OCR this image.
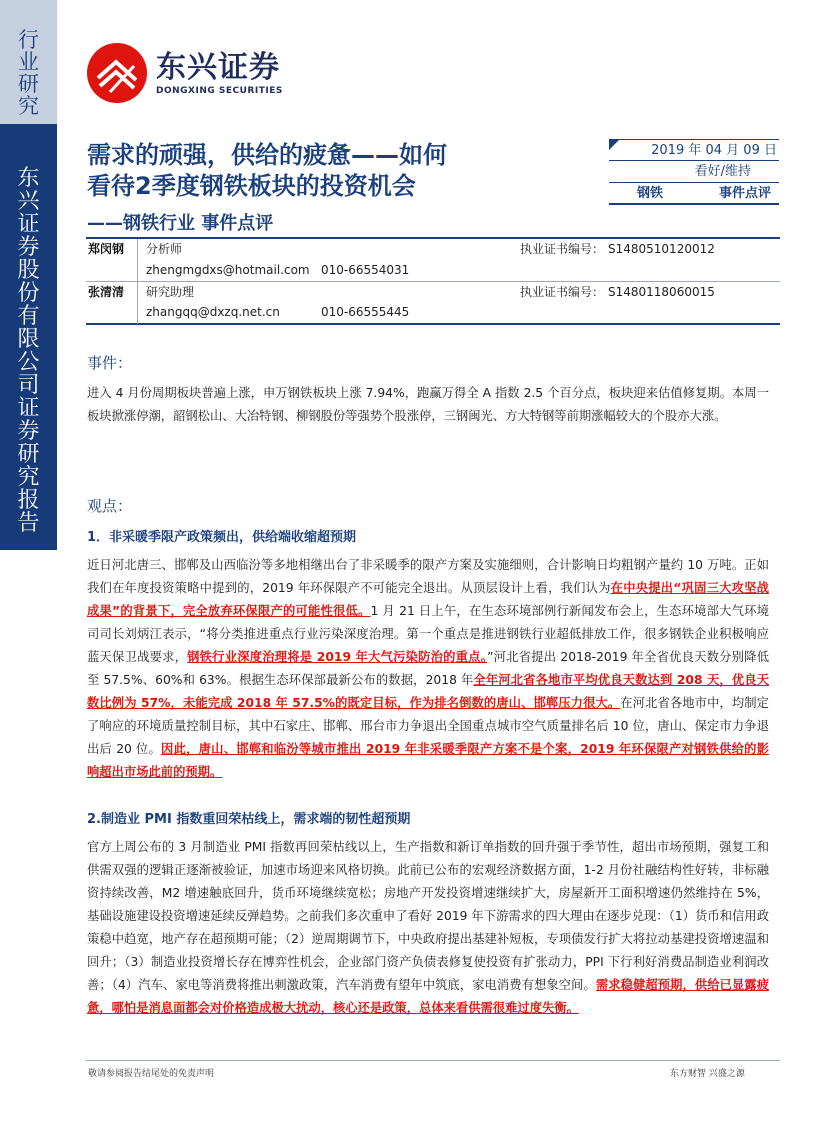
行
业
研
究
东
兴
证
券
股
份
有
限
公
司
证
券
研
究
报
告
东兴证券
DONGXING SECURITIES
需求的顽强，供给的疲惫——如何
看待2季度钢铁板块的投资机会
——钢铁行业 事件点评
2019 年 04 月 09 日
看好/维持
钢铁	事件点评
郑闵钢	分析师	执业证书编号： S1480510120012
zhengmgdxs@hotmail.com 010-66554031
张清清	研究助理	执业证书编号： S1480118060015
zhangqq@dxzq.net.cn	010-66555445
事件：
进入 4 月份周期板块普遍上涨，申万钢铁板块上涨 7.94%，跑赢万得全 A 指数 2.5 个百分点，板块迎来估值修复期。本周一板块掀涨停潮，韶钢松山、大冶特钢、柳钢股份等强势个股涨停，三钢闽光、方大特钢等前期涨幅较大的个股亦大涨。
观点：
1．非采暖季限产政策频出，供给端收缩超预期
近日河北唐三、邯郸及山西临汾等多地相继出台了非采暖季的限产方案及实施细则，合计影响日均粗钢产量约 10 万吨。正如我们在年度投资策略中提到的，2019 年环保限产不可能完全退出。从顶层设计上看，我们认为在中央提出“巩固三大攻坚战成果”的背景下，完全放弃环保限产的可能性很低。1 月 21 日上午，在生态环境部例行新闻发布会上，生态环境部大气环境司司长刘炳江表示，“将分类推进重点行业污染深度治理。第一个重点是推进钢铁行业超低排放工作，很多钢铁企业积极响应蓝天保卫战要求，钢铁行业深度治理将是 2019 年大气污染防治的重点。”河北省提出 2018-2019 年全省优良天数分别降低至 57.5%、60%和 63%。根据生态环保部最新公布的数据，2018 年全年河北省各地市平均优良天数达到 208 天，优良天数比例为 57%，未能完成 2018 年 57.5%的既定目标，作为排名倒数的唐山、邯郸压力很大。在河北省各地市中，均制定了响应的环境质量控制目标，其中石家庄、邯郸、邢台市力争退出全国重点城市空气质量排名后 10 位，唐山、保定市力争退出后 20 位。因此，唐山、邯郸和临汾等城市推出 2019 年非采暖季限产方案不是个案，2019 年环保限产对钢铁供给的影响超出市场此前的预期。
2.制造业 PMI 指数重回荣枯线上，需求端的韧性超预期
官方上周公布的 3 月制造业 PMI 指数再回荣枯线以上，生产指数和新订单指数的回升强于季节性，超出市场预期，强复工和供需双强的逻辑正逐渐被验证，加速市场迎来风格切换。此前已公布的宏观经济数据方面，1-2 月份社融结构性好转，非标融资持续改善，M2 增速触底回升，货币环境继续宽松；房地产开发投资增速继续扩大，房屋新开工面积增速仍然维持在 5%，基础设施建设投资增速延续反弹趋势。之前我们多次重申了看好 2019 年下游需求的四大理由在逐步兑现：（1）货币和信用政策稳中趋宽，地产存在超预期可能；（2）逆周期调节下，中央政府提出基建补短板，专项债发行扩大将拉动基建投资增速温和回升；（3）制造业投资增长存在博弈性机会，企业部门资产负债表修复使投资有扩张动力，PPI 下行利好消费品制造业利润改善；（4）汽车、家电等消费将推出刺激政策，汽车消费有望年中筑底，家电消费有想象空间。需求稳健超预期，供给已显露疲惫，哪怕是消息面都会对价格造成极大扰动，核心还是政策，总体来看供需很难过度失衡。
敬请参阅报告结尾处的免责声明	东方财智 兴盛之源
